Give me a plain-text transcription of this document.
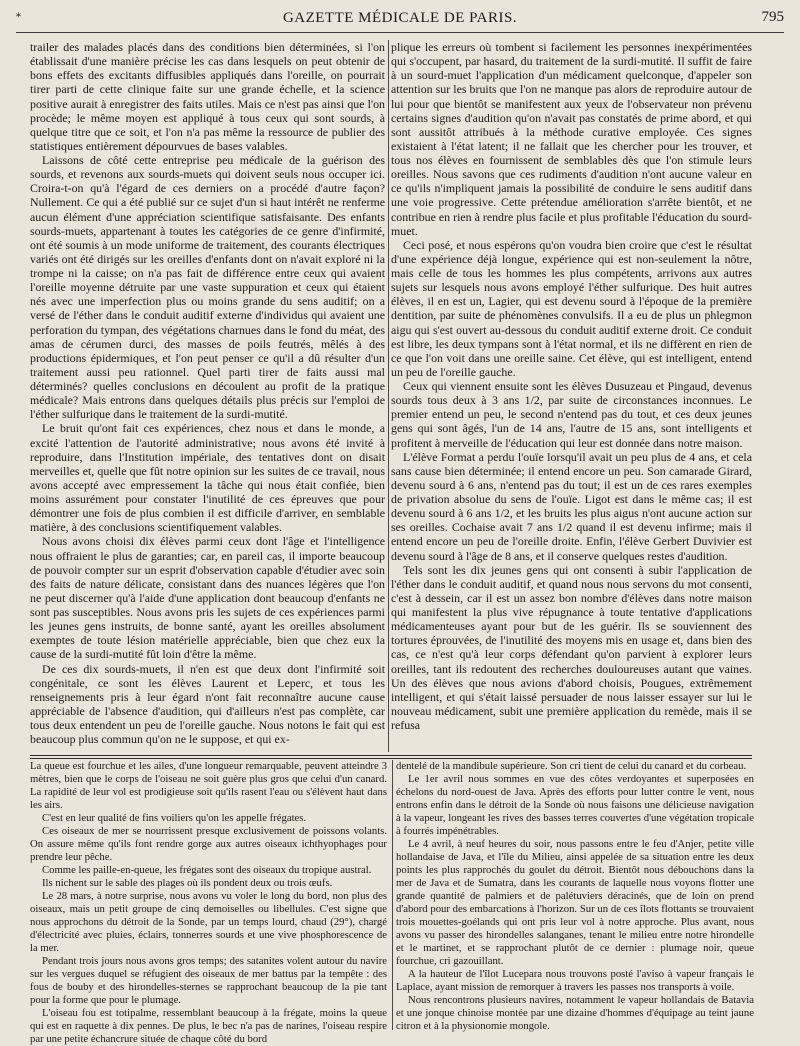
*	GAZETTE MÉDICALE DE PARIS.	795

trailer des malades placés dans des conditions bien déterminées, si l'on établissait d'une manière précise les cas dans lesquels on peut obtenir de bons effets des excitants diffusibles appliqués dans l'oreille, on pourrait tirer parti de cette clinique faite sur une grande échelle, et la science positive aurait à enregistrer des faits utiles. Mais ce n'est pas ainsi que l'on procède; le même moyen est appliqué à tous ceux qui sont sourds, à quelque titre que ce soit, et l'on n'a pas même la ressource de publier des statistiques entièrement dépourvues de bases valables.

Laissons de côté cette entreprise peu médicale de la guérison des sourds, et revenons aux sourds-muets qui doivent seuls nous occuper ici. Croira-t-on qu'à l'égard de ces derniers on a procédé d'autre façon? Nullement. Ce qui a été publié sur ce sujet d'un si haut intérêt ne renferme aucun élément d'une appréciation scientifique satisfaisante. Des enfants sourds-muets, appartenant à toutes les catégories de ce genre d'infirmité, ont été soumis à un mode uniforme de traitement, des courants électriques variés ont été dirigés sur les oreilles d'enfants dont on n'avait exploré ni la trompe ni la caisse; on n'a pas fait de différence entre ceux qui avaient l'oreille moyenne détruite par une vaste suppuration et ceux qui étaient nés avec une imperfection plus ou moins grande du sens auditif; on a versé de l'éther dans le conduit auditif externe d'individus qui avaient une perforation du tympan, des végétations charnues dans le fond du méat, des amas de cérumen durci, des masses de poils feutrés, mêlés à des productions épidermiques, et l'on peut penser ce qu'il a dû résulter d'un traitement aussi peu rationnel. Quel parti tirer de faits aussi mal déterminés? quelles conclusions en découlent au profit de la pratique médicale? Mais entrons dans quelques détails plus précis sur l'emploi de l'éther sulfurique dans le traitement de la surdi-mutité.

Le bruit qu'ont fait ces expériences, chez nous et dans le monde, a excité l'attention de l'autorité administrative; nous avons été invité à reproduire, dans l'Institution impériale, des tentatives dont on disait merveilles et, quelle que fût notre opinion sur les suites de ce travail, nous avons accepté avec empressement la tâche qui nous était confiée, bien moins assurément pour constater l'inutilité de ces épreuves que pour démontrer une fois de plus combien il est difficile d'arriver, en semblable matière, à des conclusions scientifiquement valables.

Nous avons choisi dix élèves parmi ceux dont l'âge et l'intelligence nous offraient le plus de garanties; car, en pareil cas, il importe beaucoup de pouvoir compter sur un esprit d'observation capable d'étudier avec soin des faits de nature délicate, consistant dans des nuances légères que l'on ne peut discerner qu'à l'aide d'une application dont beaucoup d'enfants ne sont pas susceptibles. Nous avons pris les sujets de ces expériences parmi les jeunes gens instruits, de bonne santé, ayant les oreilles absolument exemptes de toute lésion matérielle appréciable, bien que chez eux la cause de la surdi-mutité fût loin d'être la même.

De ces dix sourds-muets, il n'en est que deux dont l'infirmité soit congénitale, ce sont les élèves Laurent et Leperc, et tous les renseignements pris à leur égard n'ont fait reconnaître aucune cause appréciable de l'absence d'audition, qui d'ailleurs n'est pas complète, car tous deux entendent un peu de l'oreille gauche. Nous notons le fait qui est beaucoup plus commun qu'on ne le suppose, et qui ex-

plique les erreurs où tombent si facilement les personnes inexpérimentées qui s'occupent, par hasard, du traitement de la surdi-mutité. Il suffit de faire à un sourd-muet l'application d'un médicament quelconque, d'appeler son attention sur les bruits que l'on ne manque pas alors de reproduire autour de lui pour que bientôt se manifestent aux yeux de l'observateur non prévenu certains signes d'audition qu'on n'avait pas constatés de prime abord, et qui sont aussitôt attribués à la méthode curative employée. Ces signes existaient à l'état latent; il ne fallait que les chercher pour les trouver, et tous nos élèves en fournissent de semblables dès que l'on stimule leurs oreilles. Nous savons que ces rudiments d'audition n'ont aucune valeur en ce qu'ils n'impliquent jamais la possibilité de conduire le sens auditif dans une voie progressive. Cette prétendue amélioration s'arrête bientôt, et ne contribue en rien à rendre plus facile et plus profitable l'éducation du sourd-muet.

Ceci posé, et nous espérons qu'on voudra bien croire que c'est le résultat d'une expérience déjà longue, expérience qui est non-seulement la nôtre, mais celle de tous les hommes les plus compétents, arrivons aux autres sujets sur lesquels nous avons employé l'éther sulfurique. Des huit autres élèves, il en est un, Lagier, qui est devenu sourd à l'époque de la première dentition, par suite de phénomènes convulsifs. Il a eu de plus un phlegmon aigu qui s'est ouvert au-dessous du conduit auditif externe droit. Ce conduit est libre, les deux tympans sont à l'état normal, et ils ne diffèrent en rien de ce que l'on voit dans une oreille saine. Cet élève, qui est intelligent, entend un peu de l'oreille gauche.

Ceux qui viennent ensuite sont les élèves Dusuzeau et Pingaud, devenus sourds tous deux à 3 ans 1/2, par suite de circonstances inconnues. Le premier entend un peu, le second n'entend pas du tout, et ces deux jeunes gens qui sont âgés, l'un de 14 ans, l'autre de 15 ans, sont intelligents et profitent à merveille de l'éducation qui leur est donnée dans notre maison.

L'élève Format a perdu l'ouïe lorsqu'il avait un peu plus de 4 ans, et cela sans cause bien déterminée; il entend encore un peu. Son camarade Girard, devenu sourd à 6 ans, n'entend pas du tout; il est un de ces rares exemples de privation absolue du sens de l'ouïe. Ligot est dans le même cas; il est devenu sourd à 6 ans 1/2, et les bruits les plus aigus n'ont aucune action sur ses oreilles. Cochaise avait 7 ans 1/2 quand il est devenu infirme; mais il entend encore un peu de l'oreille droite. Enfin, l'élève Gerbert Duvivier est devenu sourd à l'âge de 8 ans, et il conserve quelques restes d'audition.

Tels sont les dix jeunes gens qui ont consenti à subir l'application de l'éther dans le conduit auditif, et quand nous nous servons du mot consenti, c'est à dessein, car il est un assez bon nombre d'élèves dans notre maison qui manifestent la plus vive répugnance à toute tentative d'applications médicamenteuses ayant pour but de les guérir. Ils se souviennent des tortures éprouvées, de l'inutilité des moyens mis en usage et, dans bien des cas, ce n'est qu'à leur corps défendant qu'on parvient à explorer leurs oreilles, tant ils redoutent des recherches douloureuses autant que vaines. Un des élèves que nous avions d'abord choisis, Pougues, extrêmement intelligent, et qui s'était laissé persuader de nous laisser essayer sur lui le nouveau médicament, subit une première application du remède, mais il se refusa

La queue est fourchue et les ailes, d'une longueur remarquable, peuvent atteindre 3 mètres, bien que le corps de l'oiseau ne soit guère plus gros que celui d'un canard. La rapidité de leur vol est prodigieuse soit qu'ils rasent l'eau ou s'élèvent haut dans les airs.

C'est en leur qualité de fins voiliers qu'on les appelle frégates.

Ces oiseaux de mer se nourrissent presque exclusivement de poissons volants. On assure même qu'ils font rendre gorge aux autres oiseaux ichthyophages pour prendre leur pêche.

Comme les paille-en-queue, les frégates sont des oiseaux du tropique austral.

Ils nichent sur le sable des plages où ils pondent deux ou trois œufs.

Le 28 mars, à notre surprise, nous avons vu voler le long du bord, non plus des oiseaux, mais un petit groupe de cinq demoiselles ou libellules. C'est signe que nous approchons du détroit de la Sonde, par un temps lourd, chaud (29°), chargé d'électricité avec pluies, éclairs, tonnerres sourds et une vive phosphorescence de la mer.

Pendant trois jours nous avons gros temps; des satanites volent autour du navire sur les vergues duquel se réfugient des oiseaux de mer battus par la tempête : des fous de bouby et des hirondelles-sternes se rapprochant beaucoup de la pie tant pour la forme que pour le plumage.

L'oiseau fou est totipalme, ressemblant beaucoup à la frégate, moins la queue qui est en raquette à dix pennes. De plus, le bec n'a pas de narines, l'oiseau respire par une petite échancrure située de chaque côté du bord

dentelé de la mandibule supérieure. Son cri tient de celui du canard et du corbeau.

Le 1er avril nous sommes en vue des côtes verdoyantes et superposées en échelons du nord-ouest de Java. Après des efforts pour lutter contre le vent, nous entrons enfin dans le détroit de la Sonde où nous faisons une délicieuse navigation à la vapeur, longeant les rives des basses terres couvertes d'une végétation tropicale à fourrés impénétrables.

Le 4 avril, à neuf heures du soir, nous passons entre le feu d'Anjer, petite ville hollandaise de Java, et l'île du Milieu, ainsi appelée de sa situation entre les deux points les plus rapprochés du goulet du détroit. Bientôt nous débouchons dans la mer de Java et de Sumatra, dans les courants de laquelle nous voyons flotter une grande quantité de palmiers et de palétuviers déracinés, que de loin on prend d'abord pour des embarcations à l'horizon. Sur un de ces îlots flottants se trouvaient trois mouettes-goélands qui ont pris leur vol à notre approche. Plus avant, nous avons vu passer des hirondelles salanganes, tenant le milieu entre notre hirondelle et le martinet, et se rapprochant plutôt de ce dernier : plumage noir, queue fourchue, cri gazouillant.

A la hauteur de l'îlot Lucepara nous trouvons posté l'aviso à vapeur français le Laplace, ayant mission de remorquer à travers les passes nos transports à voile.

Nous rencontrons plusieurs navires, notamment le vapeur hollandais de Batavia et une jonque chinoise montée par une dizaine d'hommes d'équipage au teint jaune citron et à la physionomie mongole.
